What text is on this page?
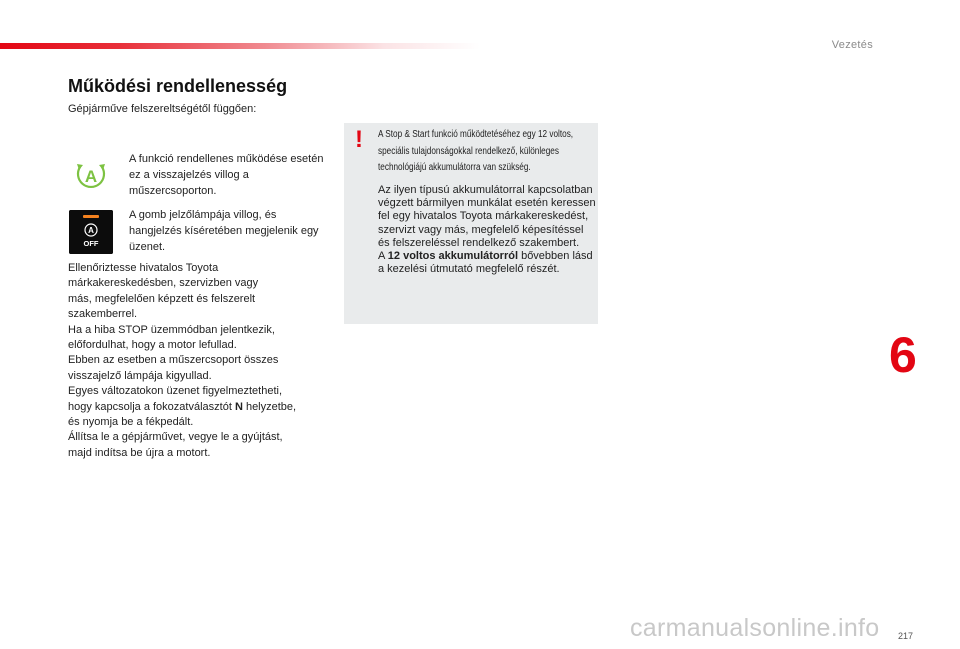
Vezetés
Működési rendellenesség
Gépjárműve felszereltségétől függően:
A
A
OFF
A funkció rendellenes működése esetén ez a visszajelzés villog a műszercsoporton.
A gomb jelzőlámpája villog, és hangjelzés kíséretében megjelenik egy üzenet.
Ellenőriztesse hivatalos Toyota
márkakereskedésben, szervizben vagy
más, megfelelően képzett és felszerelt
szakemberrel.
Ha a hiba STOP üzemmódban jelentkezik,
előfordulhat, hogy a motor lefullad.
Ebben az esetben a műszercsoport összes
visszajelző lámpája kigyullad.
Egyes változatokon üzenet figyelmeztetheti,
hogy kapcsolja a fokozatválasztót N helyzetbe,
és nyomja be a fékpedált.
Állítsa le a gépjárművet, vegye le a gyújtást,
majd indítsa be újra a motort.
! A Stop & Start funkció működtetéséhez egy 12 voltos,
speciális tulajdonságokkal rendelkező, különleges
technológiájú akkumulátorra van szükség.
Az ilyen típusú akkumulátorral kapcsolatban végzett bármilyen munkálat esetén keressen fel egy hivatalos Toyota márkakereskedést, szervizt vagy más, megfelelő képesítéssel és felszereléssel rendelkező szakembert.
A 12 voltos akkumulátorról bővebben lásd a kezelési útmutató megfelelő részét.
6
carmanualsonline.info 217
